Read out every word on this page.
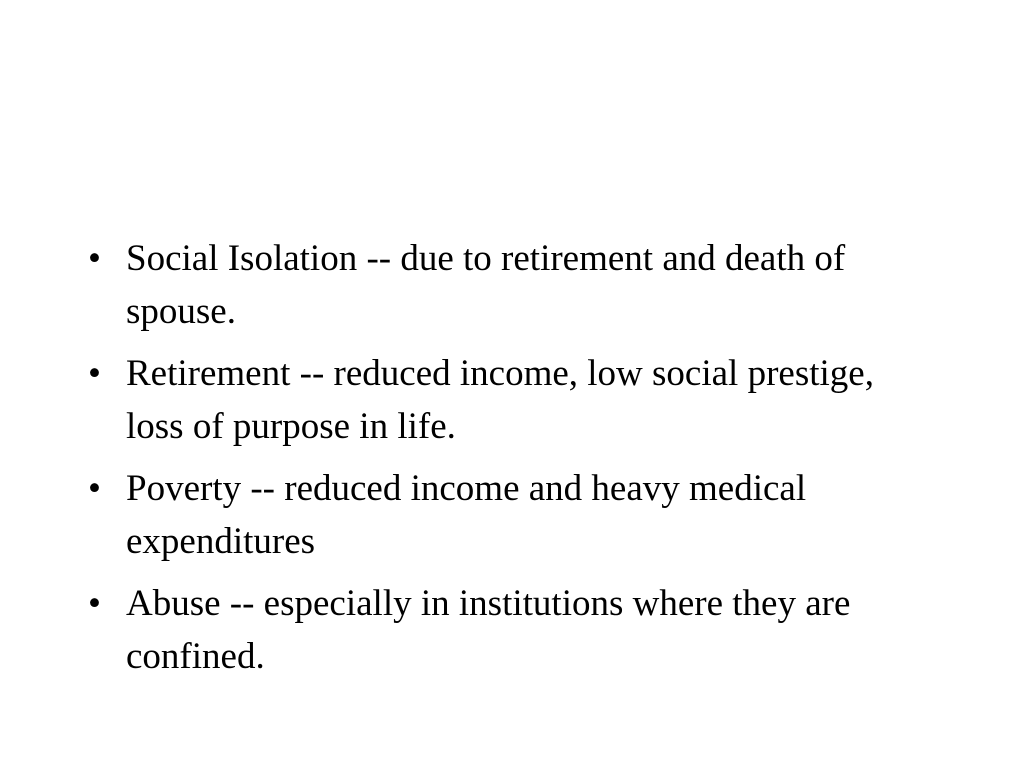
• Social Isolation -- due to retirement and death of spouse.
• Retirement -- reduced income, low social prestige, loss of purpose in life.
• Poverty -- reduced income and heavy medical expenditures
• Abuse -- especially in institutions where they are confined.
